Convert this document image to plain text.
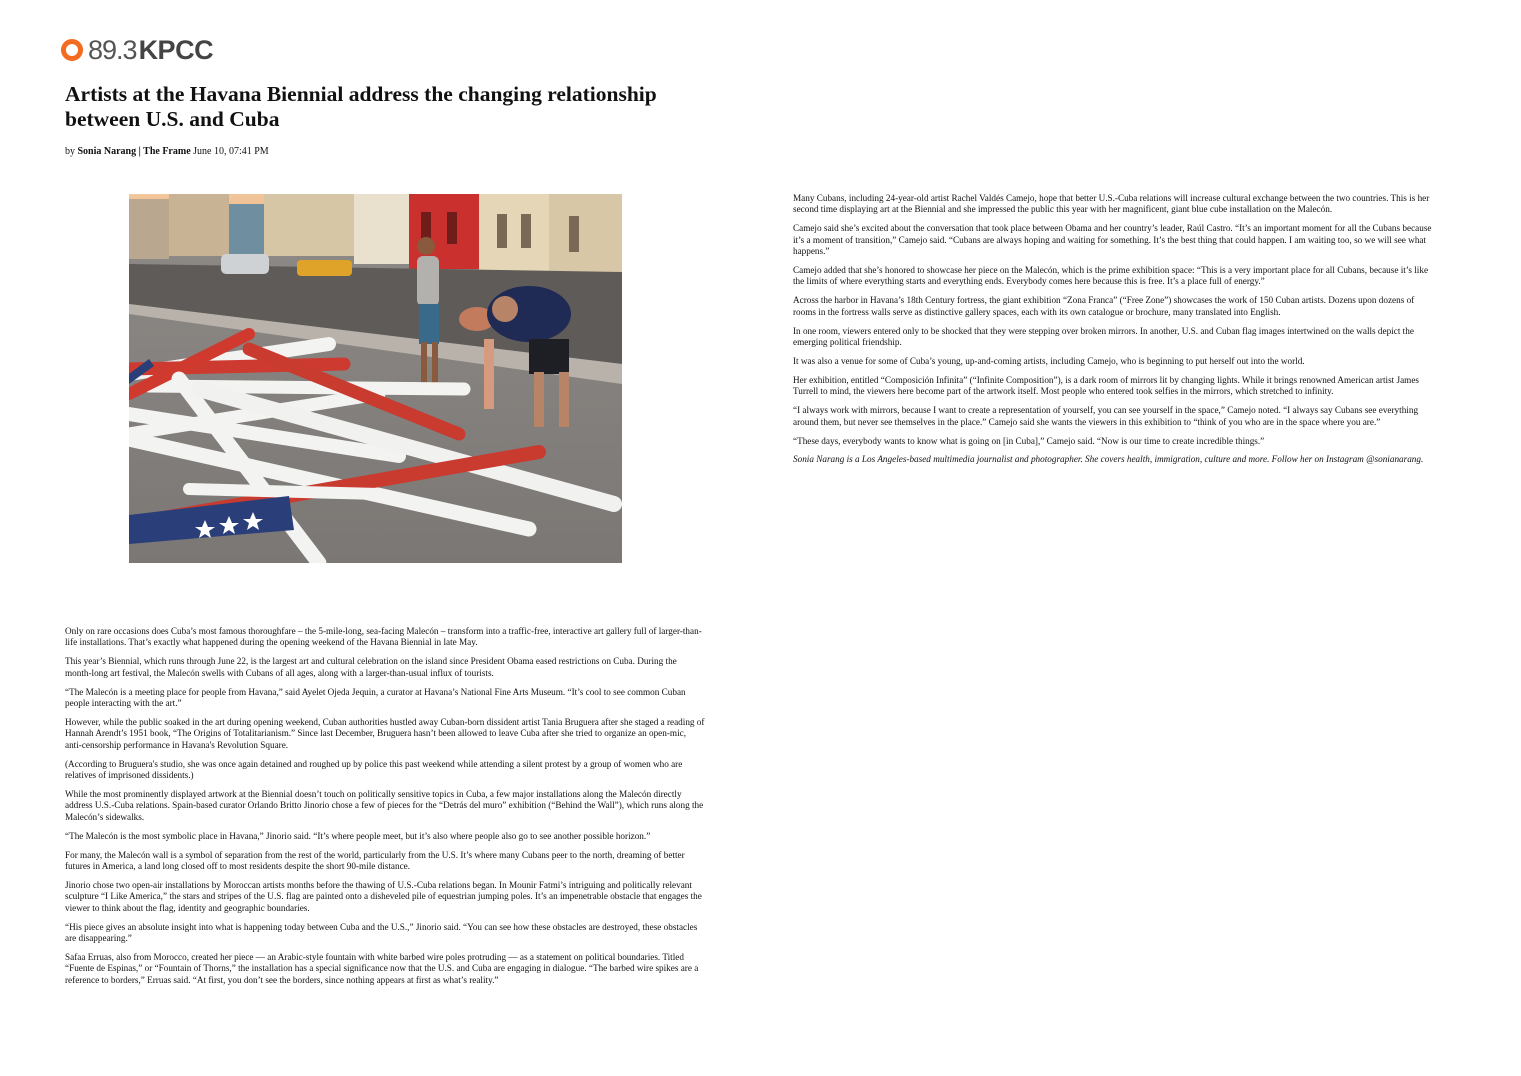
89.3 KPCC
Artists at the Havana Biennial address the changing relationship between U.S. and Cuba

by Sonia Narang | The Frame June 10, 07:41 PM

Only on rare occasions does Cuba’s most famous thoroughfare – the 5-mile-long, sea-facing Malecón – transform into a traffic-free, interactive art gallery full of larger-than-life installations. That’s exactly what happened during the opening weekend of the Havana Biennial in late May.

This year’s Biennial, which runs through June 22, is the largest art and cultural celebration on the island since President Obama eased restrictions on Cuba. During the month-long art festival, the Malecón swells with Cubans of all ages, along with a larger-than-usual influx of tourists.

“The Malecón is a meeting place for people from Havana,” said Ayelet Ojeda Jequin, a curator at Havana’s National Fine Arts Museum. “It’s cool to see common Cuban people interacting with the art.”

However, while the public soaked in the art during opening weekend, Cuban authorities hustled away Cuban-born dissident artist Tania Bruguera after she staged a reading of Hannah Arendt’s 1951 book, “The Origins of Totalitarianism.” Since last December, Bruguera hasn’t been allowed to leave Cuba after she tried to organize an open-mic, anti-censorship performance in Havana's Revolution Square.

(According to Bruguera's studio, she was once again detained and roughed up by police this past weekend while attending a silent protest by a group of women who are relatives of imprisoned dissidents.)

While the most prominently displayed artwork at the Biennial doesn’t touch on politically sensitive topics in Cuba, a few major installations along the Malecón directly address U.S.-Cuba relations. Spain-based curator Orlando Britto Jinorio chose a few of pieces for the “Detrás del muro” exhibition (“Behind the Wall”), which runs along the Malecón’s sidewalks.

“The Malecón is the most symbolic place in Havana,” Jinorio said. “It’s where people meet, but it’s also where people also go to see another possible horizon.”

For many, the Malecón wall is a symbol of separation from the rest of the world, particularly from the U.S. It’s where many Cubans peer to the north, dreaming of better futures in America, a land long closed off to most residents despite the short 90-mile distance.

Jinorio chose two open-air installations by Moroccan artists months before the thawing of U.S.-Cuba relations began. In Mounir Fatmi’s intriguing and politically relevant sculpture “I Like America,” the stars and stripes of the U.S. flag are painted onto a disheveled pile of equestrian jumping poles. It’s an impenetrable obstacle that engages the viewer to think about the flag, identity and geographic boundaries.

“His piece gives an absolute insight into what is happening today between Cuba and the U.S.,” Jinorio said. “You can see how these obstacles are destroyed, these obstacles are disappearing.”

Safaa Erruas, also from Morocco, created her piece — an Arabic-style fountain with white barbed wire poles protruding — as a statement on political boundaries. Titled “Fuente de Espinas,” or “Fountain of Thorns,” the installation has a special significance now that the U.S. and Cuba are engaging in dialogue. “The barbed wire spikes are a reference to borders,” Erruas said. “At first, you don’t see the borders, since nothing appears at first as what’s reality.”

Many Cubans, including 24-year-old artist Rachel Valdés Camejo, hope that better U.S.-Cuba relations will increase cultural exchange between the two countries. This is her second time displaying art at the Biennial and she impressed the public this year with her magnificent, giant blue cube installation on the Malecón.

Camejo said she’s excited about the conversation that took place between Obama and her country’s leader, Raúl Castro. “It’s an important moment for all the Cubans because it’s a moment of transition,” Camejo said. “Cubans are always hoping and waiting for something. It’s the best thing that could happen. I am waiting too, so we will see what happens.”

Camejo added that she’s honored to showcase her piece on the Malecón, which is the prime exhibition space: “This is a very important place for all Cubans, because it’s like the limits of where everything starts and everything ends. Everybody comes here because this is free. It’s a place full of energy.”

Across the harbor in Havana’s 18th Century fortress, the giant exhibition “Zona Franca” (“Free Zone”) showcases the work of 150 Cuban artists. Dozens upon dozens of rooms in the fortress walls serve as distinctive gallery spaces, each with its own catalogue or brochure, many translated into English.

In one room, viewers entered only to be shocked that they were stepping over broken mirrors. In another, U.S. and Cuban flag images intertwined on the walls depict the emerging political friendship.

It was also a venue for some of Cuba’s young, up-and-coming artists, including Camejo, who is beginning to put herself out into the world.

Her exhibition, entitled “Composición Infinita” (“Infinite Composition”), is a dark room of mirrors lit by changing lights. While it brings renowned American artist James Turrell to mind, the viewers here become part of the artwork itself. Most people who entered took selfies in the mirrors, which stretched to infinity.

“I always work with mirrors, because I want to create a representation of yourself, you can see yourself in the space,” Camejo noted. “I always say Cubans see everything around them, but never see themselves in the place.” Camejo said she wants the viewers in this exhibition to “think of you who are in the space where you are.”

“These days, everybody wants to know what is going on [in Cuba],” Camejo said. “Now is our time to create incredible things.”

Sonia Narang is a Los Angeles-based multimedia journalist and photographer. She covers health, immigration, culture and more. Follow her on Instagram @sonianarang.
